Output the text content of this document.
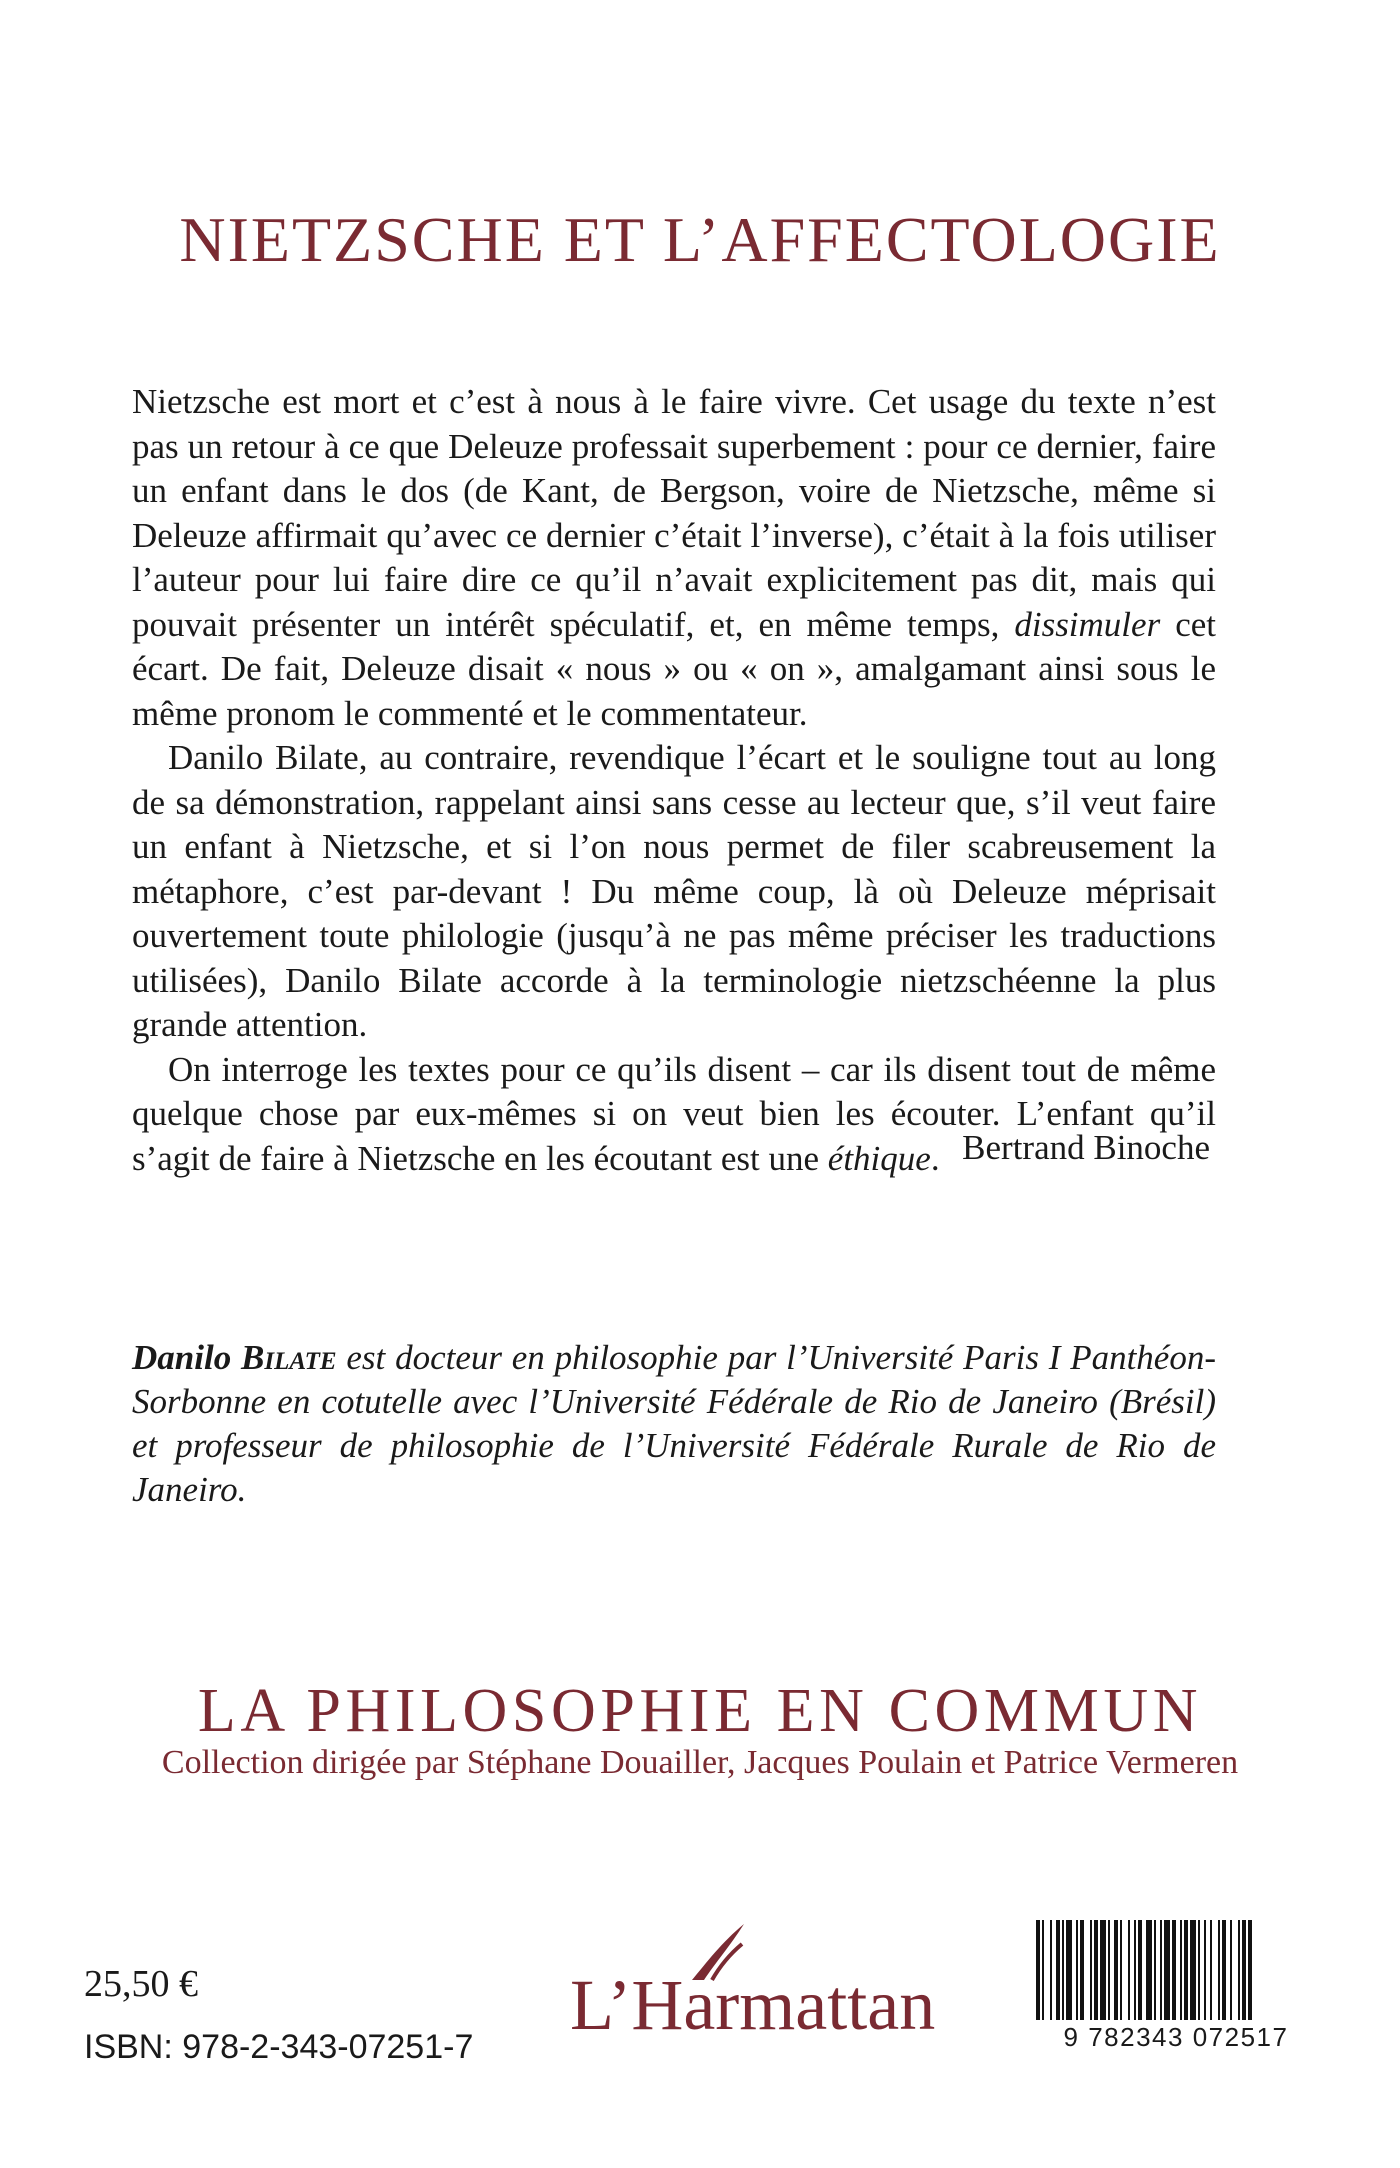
NIETZSCHE ET L’AFFECTOLOGIE

Nietzsche est mort et c’est à nous à le faire vivre. Cet usage du texte n’est pas un retour à ce que Deleuze professait superbement : pour ce dernier, faire un enfant dans le dos (de Kant, de Bergson, voire de Nietzsche, même si Deleuze affirmait qu’avec ce dernier c’était l’inverse), c’était à la fois utiliser l’auteur pour lui faire dire ce qu’il n’avait explicitement pas dit, mais qui pouvait présenter un intérêt spéculatif, et, en même temps, dissimuler cet écart. De fait, Deleuze disait « nous » ou « on », amalgamant ainsi sous le même pronom le commenté et le commentateur.

Danilo Bilate, au contraire, revendique l’écart et le souligne tout au long de sa démonstration, rappelant ainsi sans cesse au lecteur que, s’il veut faire un enfant à Nietzsche, et si l’on nous permet de filer scabreusement la métaphore, c’est par-devant ! Du même coup, là où Deleuze méprisait ouvertement toute philologie (jusqu’à ne pas même préciser les traductions utilisées), Danilo Bilate accorde à la terminologie nietzschéenne la plus grande attention.

On interroge les textes pour ce qu’ils disent – car ils disent tout de même quelque chose par eux-mêmes si on veut bien les écouter. L’enfant qu’il s’agit de faire à Nietzsche en les écoutant est une éthique. Bertrand Binoche
Danilo Bilate est docteur en philosophie par l’Université Paris I Panthéon-Sorbonne en cotutelle avec l’Université Fédérale de Rio de Janeiro (Brésil) et professeur de philosophie de l’Université Fédérale Rurale de Rio de Janeiro.
LA PHILOSOPHIE EN COMMUN
Collection dirigée par Stéphane Douailler, Jacques Poulain et Patrice Vermeren
25,50 €
ISBN: 978-2-343-07251-7
L’Harmattan	9 782343 072517
